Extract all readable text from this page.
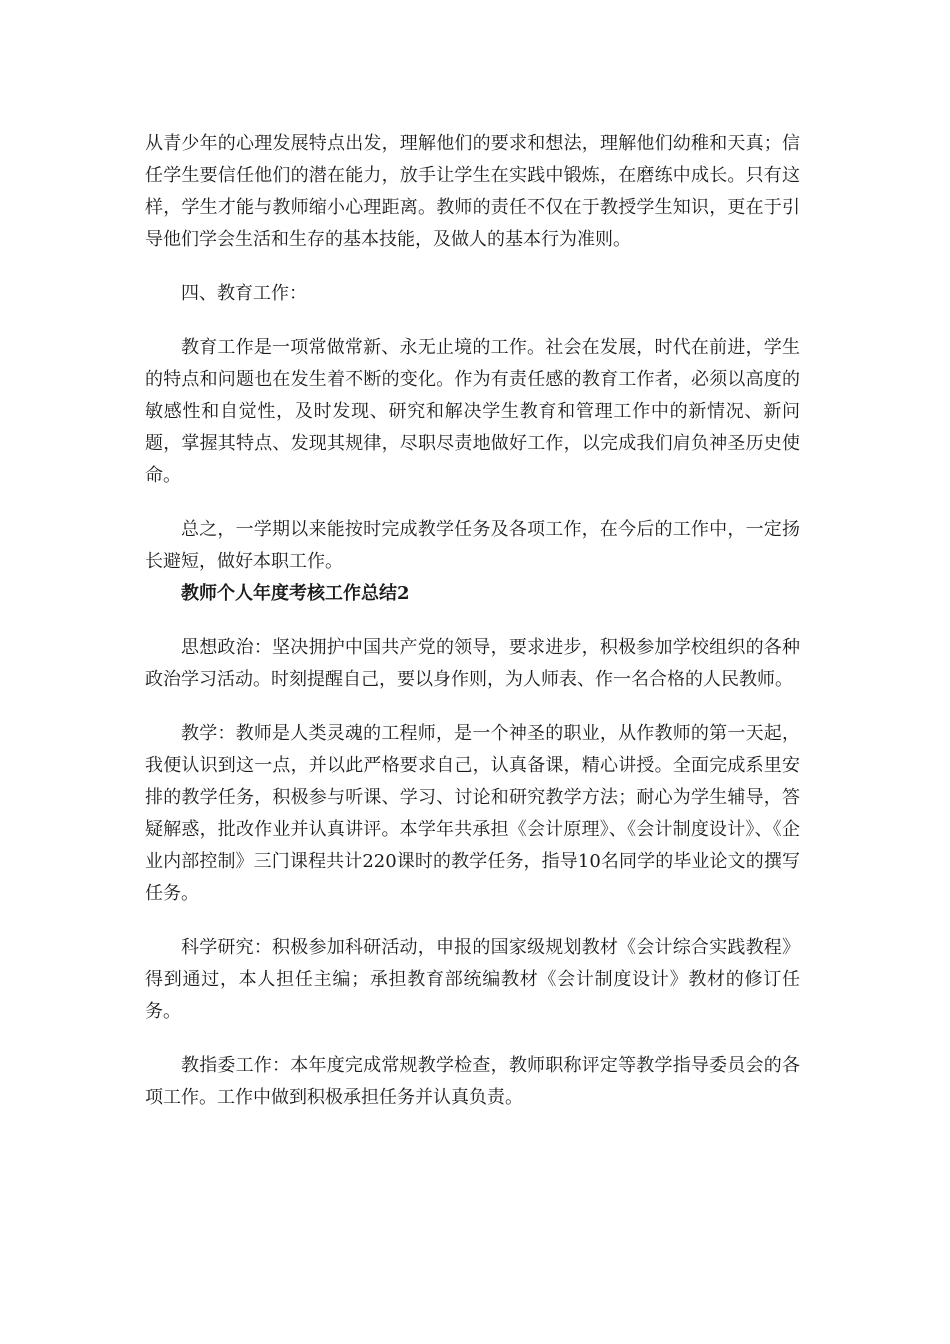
从青少年的心理发展特点出发，理解他们的要求和想法，理解他们幼稚和天真；信任学生要信任他们的潜在能力，放手让学生在实践中锻炼，在磨练中成长。只有这样，学生才能与教师缩小心理距离。教师的责任不仅在于教授学生知识，更在于引导他们学会生活和生存的基本技能，及做人的基本行为准则。

四、教育工作：

教育工作是一项常做常新、永无止境的工作。社会在发展，时代在前进，学生的特点和问题也在发生着不断的变化。作为有责任感的教育工作者，必须以高度的敏感性和自觉性，及时发现、研究和解决学生教育和管理工作中的新情况、新问题，掌握其特点、发现其规律，尽职尽责地做好工作，以完成我们肩负神圣历史使命。

总之，一学期以来能按时完成教学任务及各项工作，在今后的工作中，一定扬长避短，做好本职工作。

教师个人年度考核工作总结2

思想政治：坚决拥护中国共产党的领导，要求进步，积极参加学校组织的各种政治学习活动。时刻提醒自己，要以身作则，为人师表、作一名合格的人民教师。

教学：教师是人类灵魂的工程师，是一个神圣的职业，从作教师的第一天起，我便认识到这一点，并以此严格要求自己，认真备课，精心讲授。全面完成系里安排的教学任务，积极参与听课、学习、讨论和研究教学方法；耐心为学生辅导，答疑解惑，批改作业并认真讲评。本学年共承担《会计原理》、《会计制度设计》、《企业内部控制》三门课程共计220课时的教学任务，指导10名同学的毕业论文的撰写任务。

科学研究：积极参加科研活动，申报的国家级规划教材《会计综合实践教程》得到通过，本人担任主编；承担教育部统编教材《会计制度设计》教材的修订任务。

教指委工作：本年度完成常规教学检查，教师职称评定等教学指导委员会的各项工作。工作中做到积极承担任务并认真负责。
